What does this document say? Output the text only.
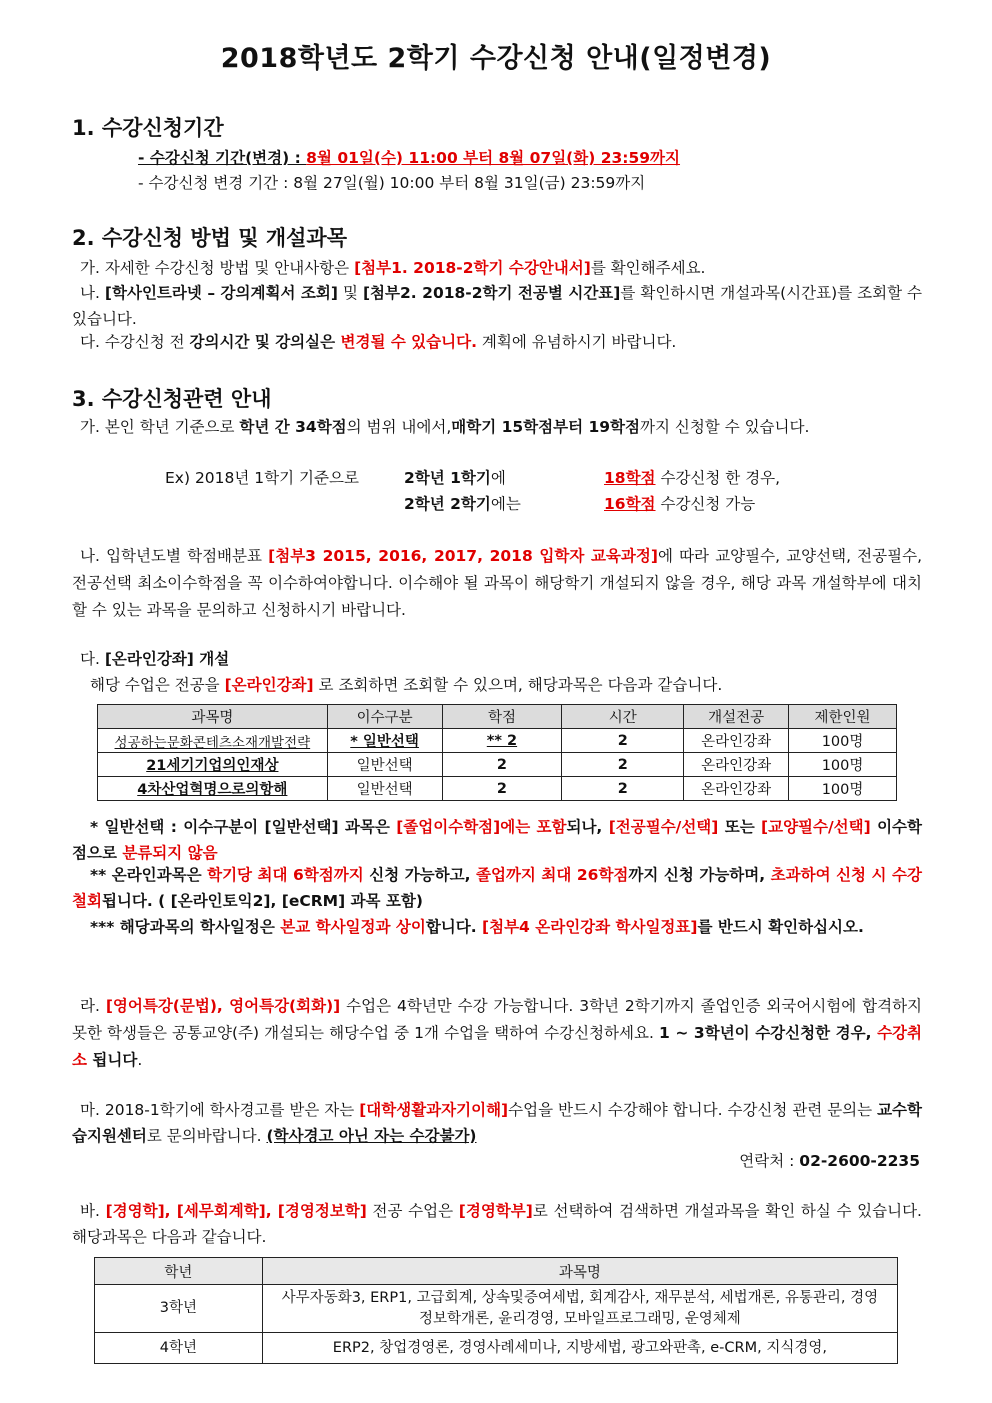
2018학년도 2학기 수강신청 안내(일정변경)
1. 수강신청기간
- 수강신청 기간(변경) : 8월 01일(수) 11:00 부터 8월 07일(화) 23:59까지
- 수강신청 변경 기간 : 8월 27일(월) 10:00 부터 8월 31일(금) 23:59까지
2. 수강신청 방법 및 개설과목
가. 자세한 수강신청 방법 및 안내사항은 [첨부1. 2018-2학기 수강안내서]를 확인해주세요.
나. [학사인트라넷 – 강의계획서 조회] 및 [첨부2. 2018-2학기 전공별 시간표]를 확인하시면 개설과목(시간표)를 조회할 수 있습니다.
다. 수강신청 전 강의시간 및 강의실은 변경될 수 있습니다. 계획에 유념하시기 바랍니다.
3. 수강신청관련 안내
가. 본인 학년 기준으로 학년 간 34학점의 범위 내에서,매학기 15학점부터 19학점까지 신청할 수 있습니다.
Ex) 2018년 1학기 기준으로	2학년 1학기에	18학점 수강신청 한 경우,
2학년 2학기에는	16학점 수강신청 가능
나. 입학년도별 학점배분표 [첨부3 2015, 2016, 2017, 2018 입학자 교육과정]에 따라 교양필수, 교양선택, 전공필수, 전공선택 최소이수학점을 꼭 이수하여야합니다. 이수해야 될 과목이 해당학기 개설되지 않을 경우, 해당 과목 개설학부에 대치할 수 있는 과목을 문의하고 신청하시기 바랍니다.
다. [온라인강좌] 개설
해당 수업은 전공을 [온라인강좌] 로 조회하면 조회할 수 있으며, 해당과목은 다음과 같습니다.
과목명	이수구분	학점	시간	개설전공	제한인원
성공하는문화콘테츠소재개발전략	* 일반선택	** 2	2	온라인강좌	100명
21세기기업의인재상	일반선택	2	2	온라인강좌	100명
4차산업혁명으로의항해	일반선택	2	2	온라인강좌	100명
* 일반선택 : 이수구분이 [일반선택] 과목은 [졸업이수학점]에는 포함되나, [전공필수/선택] 또는 [교양필수/선택] 이수학점으로 분류되지 않음
** 온라인과목은 학기당 최대 6학점까지 신청 가능하고, 졸업까지 최대 26학점까지 신청 가능하며, 초과하여 신청 시 수강 철회됩니다. ( [온라인토익2], [eCRM] 과목 포함)
*** 해당과목의 학사일정은 본교 학사일정과 상이합니다. [첨부4 온라인강좌 학사일정표]를 반드시 확인하십시오.
라. [영어특강(문법), 영어특강(회화)] 수업은 4학년만 수강 가능합니다. 3학년 2학기까지 졸업인증 외국어시험에 합격하지 못한 학생들은 공통교양(주) 개설되는 해당수업 중 1개 수업을 택하여 수강신청하세요. 1 ~ 3학년이 수강신청한 경우, 수강취소 됩니다.
마. 2018-1학기에 학사경고를 받은 자는 [대학생활과자기이해]수업을 반드시 수강해야 합니다. 수강신청 관련 문의는 교수학습지원센터로 문의바랍니다. (학사경고 아닌 자는 수강불가)
연락처 : 02-2600-2235
바. [경영학], [세무회계학], [경영정보학] 전공 수업은 [경영학부]로 선택하여 검색하면 개설과목을 확인 하실 수 있습니다. 해당과목은 다음과 같습니다.
학년	과목명
3학년	사무자동화3, ERP1, 고급회계, 상속및증여세법, 회계감사, 재무분석, 세법개론, 유통관리, 경영정보학개론, 윤리경영, 모바일프로그래밍, 운영체제
4학년	ERP2, 창업경영론, 경영사례세미나, 지방세법, 광고와판촉, e-CRM, 지식경영,
